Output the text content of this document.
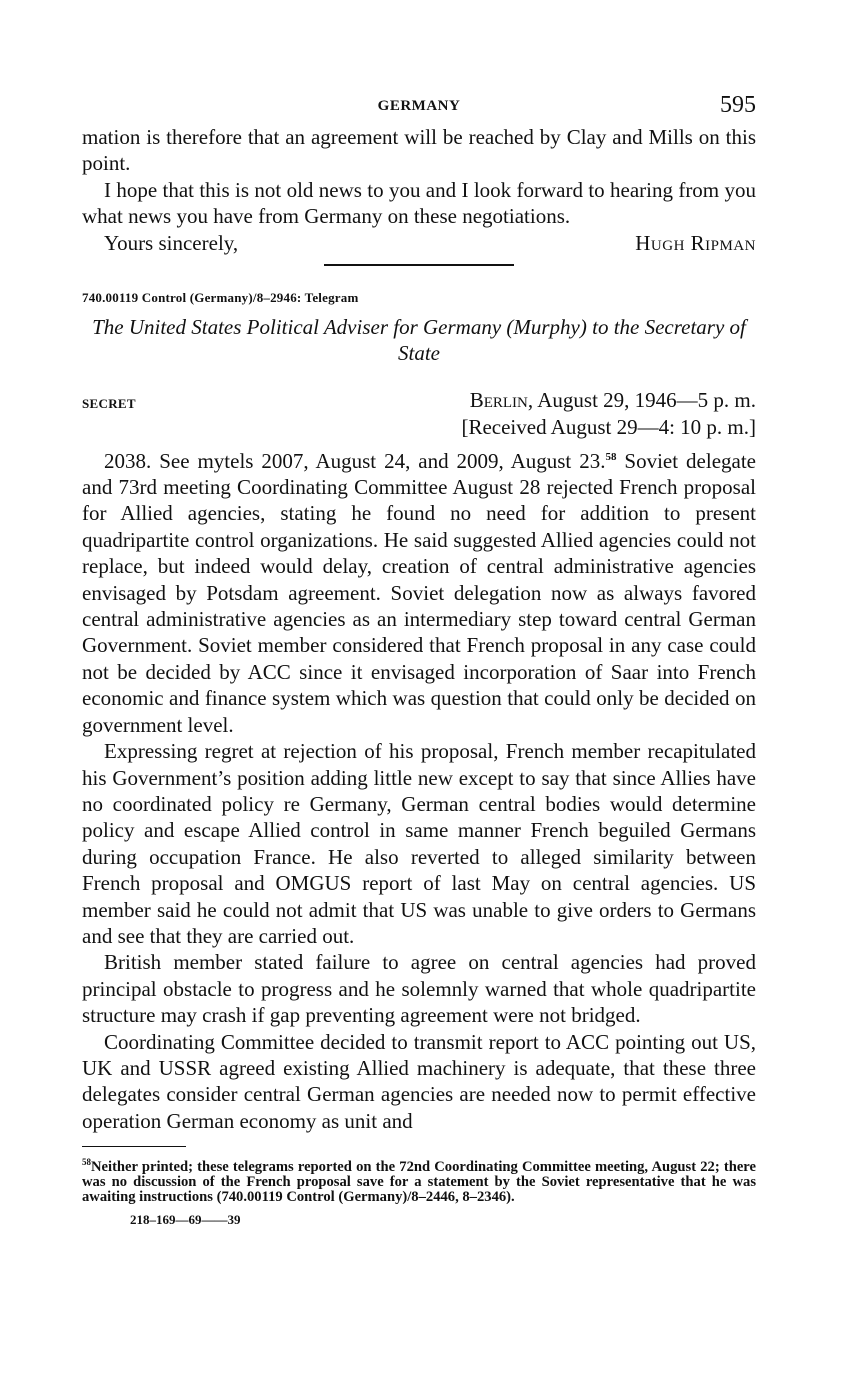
GERMANY	595

mation is therefore that an agreement will be reached by Clay and Mills on this point.

I hope that this is not old news to you and I look forward to hearing from you what news you have from Germany on these negotiations.

Yours sincerely,	Hugh Ripman
740.00119 Control (Germany)/8–2946: Telegram
The United States Political Adviser for Germany (Murphy) to the Secretary of State
SECRET	Berlin, August 29, 1946—5 p. m.
[Received August 29—4: 10 p. m.]

2038. See mytels 2007, August 24, and 2009, August 23.58 Soviet delegate and 73rd meeting Coordinating Committee August 28 rejected French proposal for Allied agencies, stating he found no need for addition to present quadripartite control organizations. He said suggested Allied agencies could not replace, but indeed would delay, creation of central administrative agencies envisaged by Potsdam agreement. Soviet delegation now as always favored central administrative agencies as an intermediary step toward central German Government. Soviet member considered that French proposal in any case could not be decided by ACC since it envisaged incorporation of Saar into French economic and finance system which was question that could only be decided on government level.

Expressing regret at rejection of his proposal, French member recapitulated his Government’s position adding little new except to say that since Allies have no coordinated policy re Germany, German central bodies would determine policy and escape Allied control in same manner French beguiled Germans during occupation France. He also reverted to alleged similarity between French proposal and OMGUS report of last May on central agencies. US member said he could not admit that US was unable to give orders to Germans and see that they are carried out.

British member stated failure to agree on central agencies had proved principal obstacle to progress and he solemnly warned that whole quadripartite structure may crash if gap preventing agreement were not bridged.

Coordinating Committee decided to transmit report to ACC pointing out US, UK and USSR agreed existing Allied machinery is adequate, that these three delegates consider central German agencies are needed now to permit effective operation German economy as unit and

$^{58}$Neither printed; these telegrams reported on the 72nd Coordinating Committee meeting, August 22; there was no discussion of the French proposal save for a statement by the Soviet representative that he was awaiting instructions (740.00119 Control (Germany)/8–2446, 8–2346).
218–169—69——39
